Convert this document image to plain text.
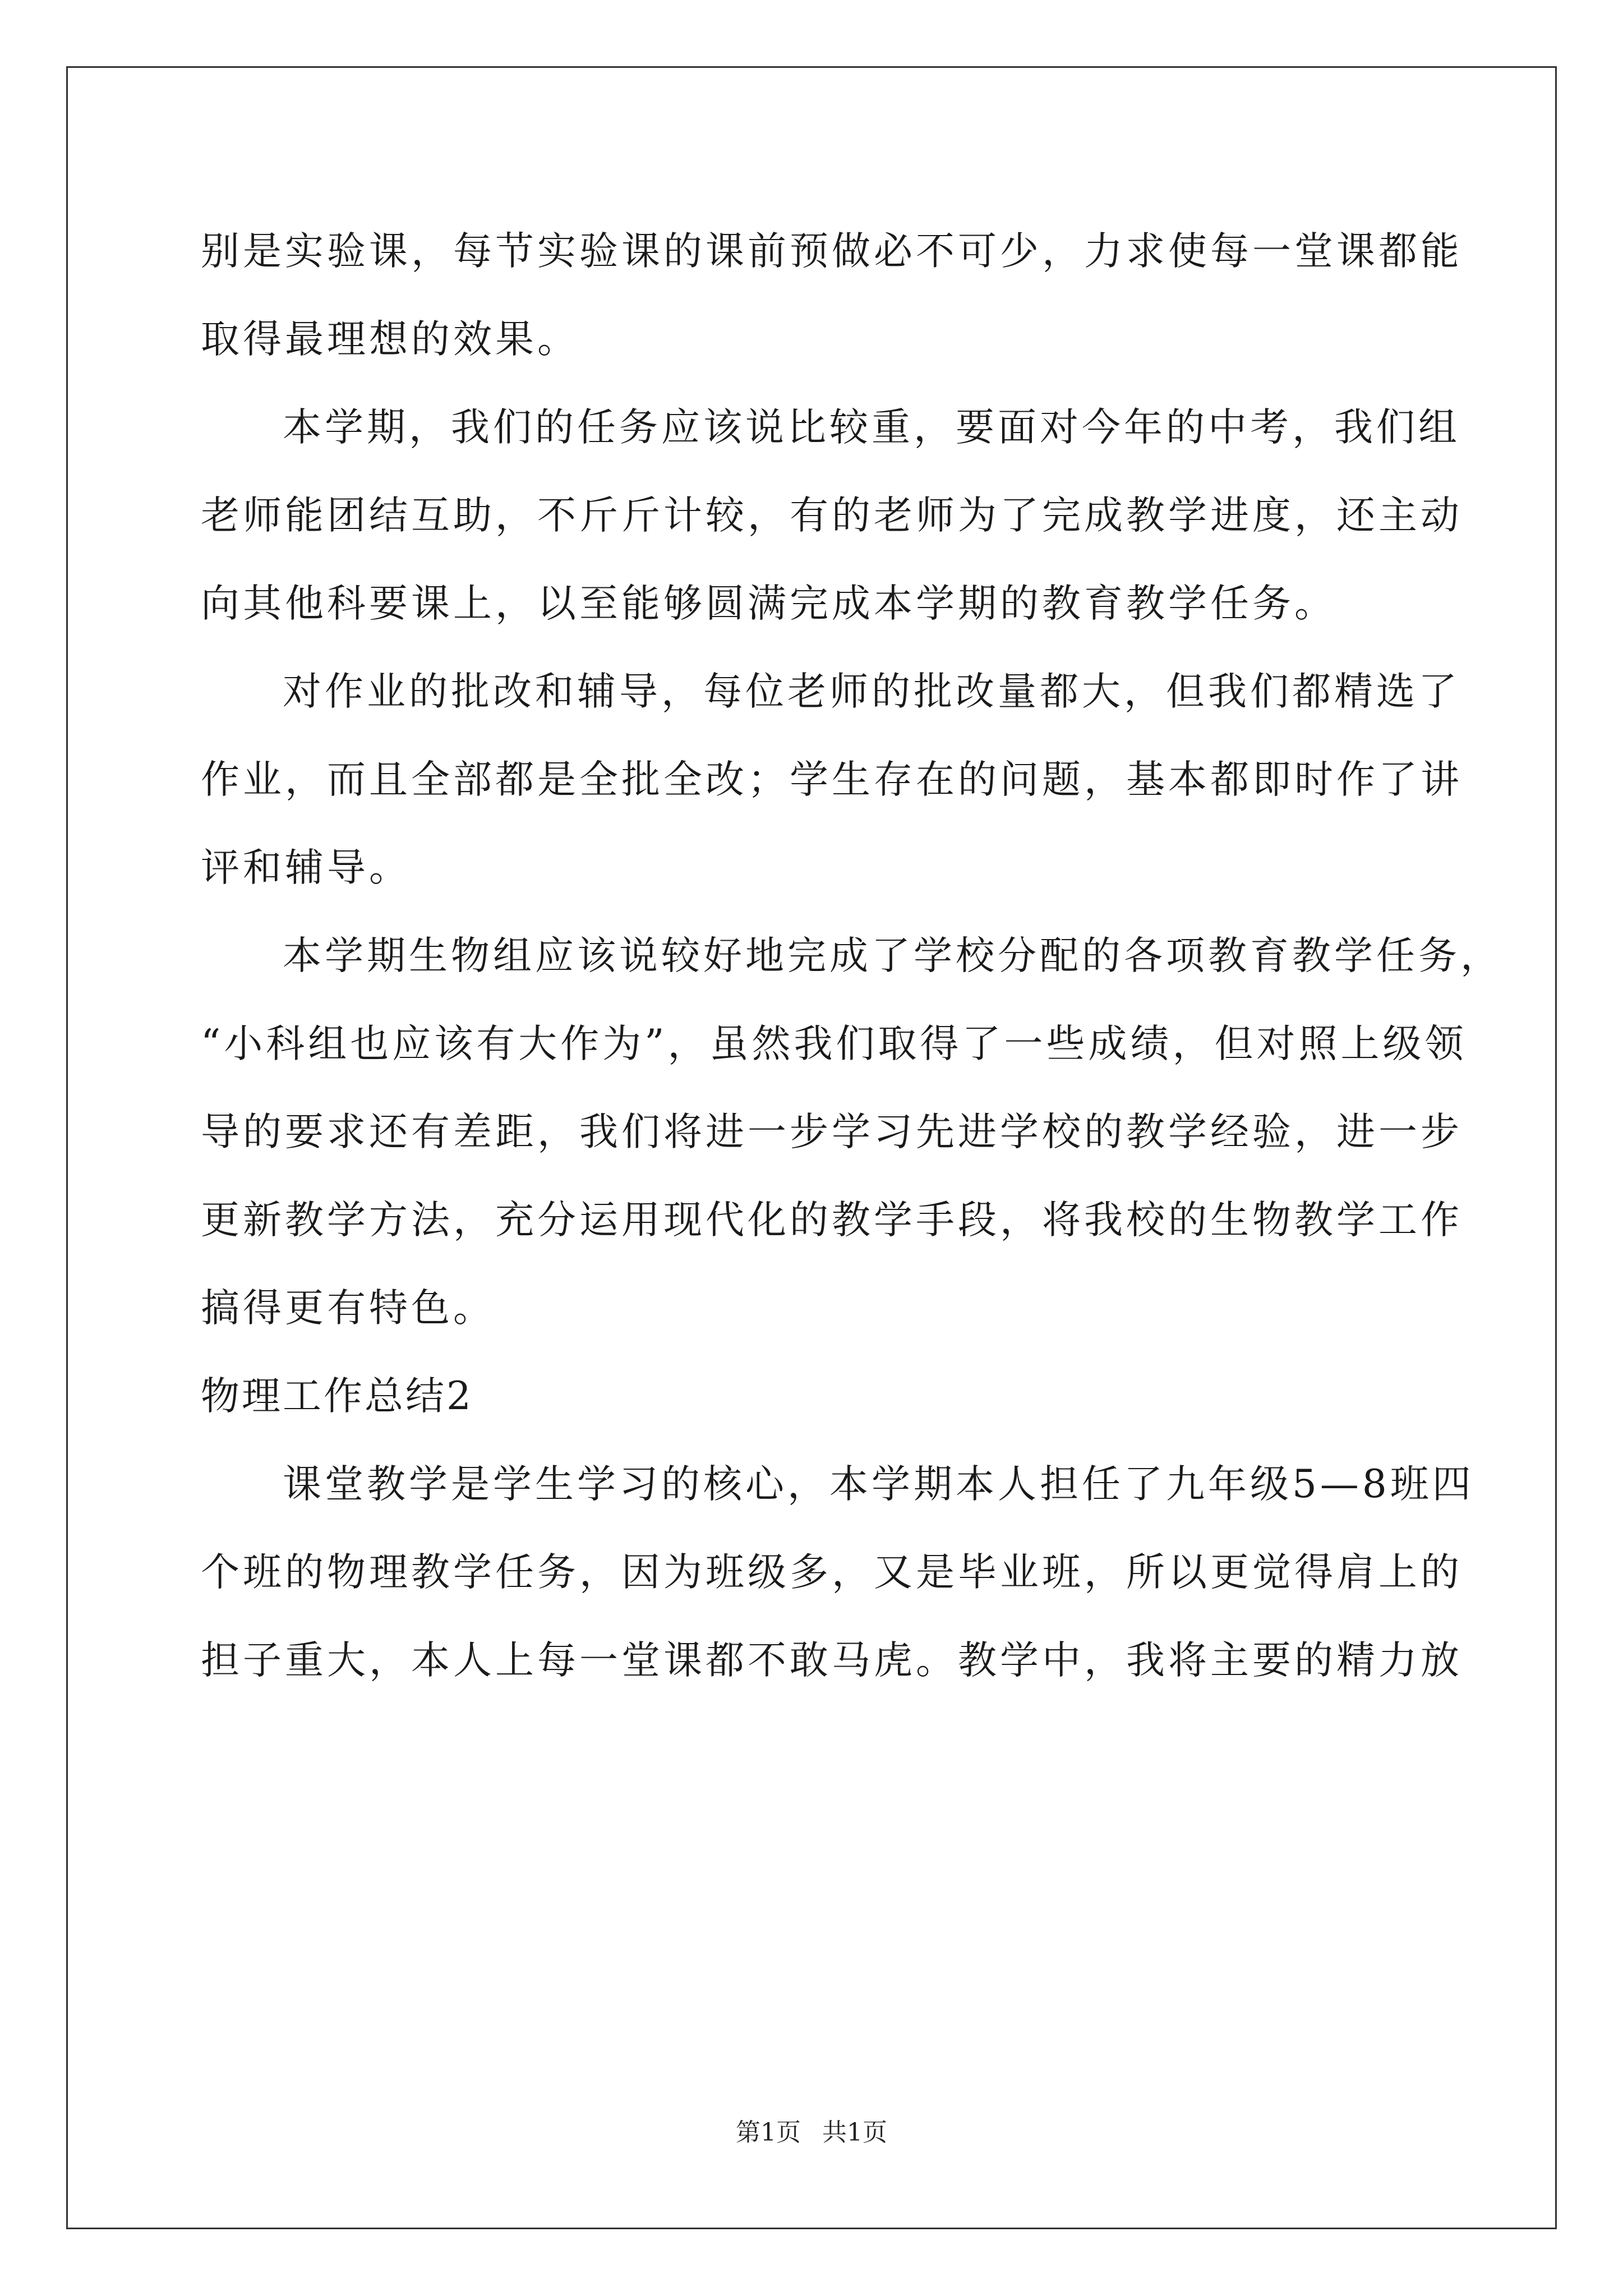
别是实验课，每节实验课的课前预做必不可少，力求使每一堂课都能

取得最理想的效果。

本学期，我们的任务应该说比较重，要面对今年的中考，我们组

老师能团结互助，不斤斤计较，有的老师为了完成教学进度，还主动

向其他科要课上，以至能够圆满完成本学期的教育教学任务。

对作业的批改和辅导，每位老师的批改量都大，但我们都精选了

作业，而且全部都是全批全改；学生存在的问题，基本都即时作了讲

评和辅导。

本学期生物组应该说较好地完成了学校分配的各项教育教学任务，

“小科组也应该有大作为”，虽然我们取得了一些成绩，但对照上级领

导的要求还有差距，我们将进一步学习先进学校的教学经验，进一步

更新教学方法，充分运用现代化的教学手段，将我校的生物教学工作

搞得更有特色。

物理工作总结2

课堂教学是学生学习的核心，本学期本人担任了九年级5—8班四

个班的物理教学任务，因为班级多，又是毕业班，所以更觉得肩上的

担子重大，本人上每一堂课都不敢马虎。教学中，我将主要的精力放

第1页 共1页
